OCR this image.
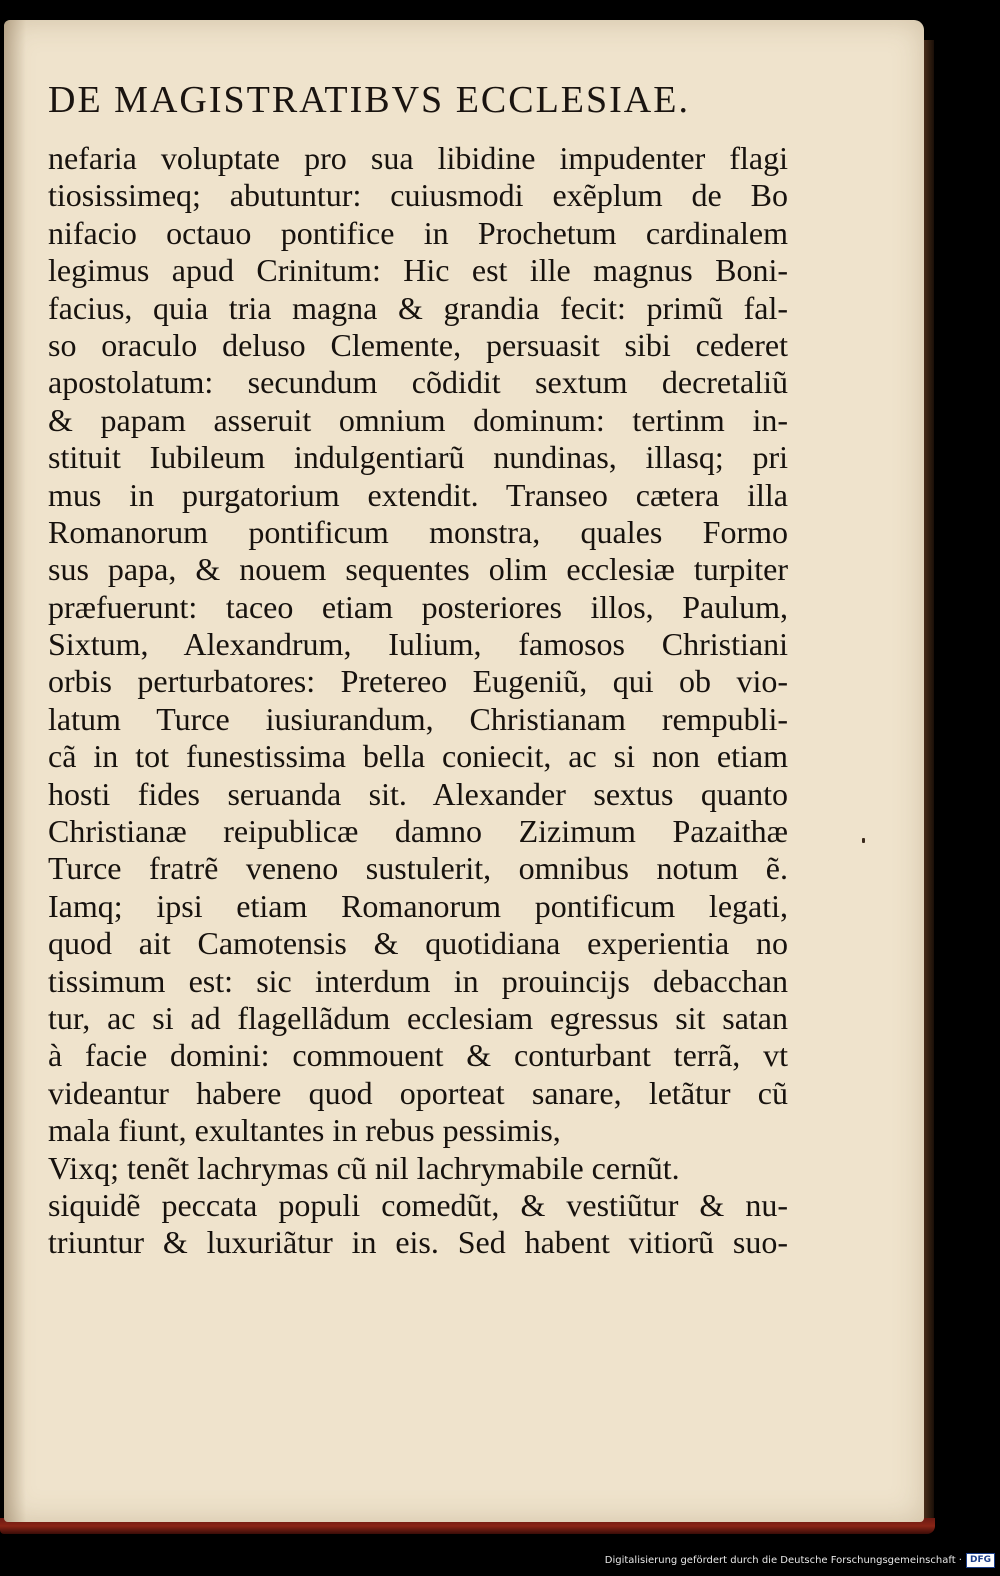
DE MAGISTRATIBVS ECCLESIAE.
nefaria voluptate pro sua libidine impudenter flagi
tiosissimeq; abutuntur: cuiusmodi exẽplum de Bo
nifacio octauo pontifice in Prochetum cardinalem
legimus apud Crinitum: Hic est ille magnus Boni-
facius, quia tria magna & grandia fecit: primũ fal-
so oraculo deluso Clemente, persuasit sibi cederet
apostolatum: secundum cõdidit sextum decretaliũ
& papam asseruit omnium dominum: tertinm in-
stituit Iubileum indulgentiarũ nundinas, illasq; pri
mus in purgatorium extendit. Transeo cætera illa
Romanorum pontificum monstra, quales Formo
sus papa, & nouem sequentes olim ecclesiæ turpiter
præfuerunt: taceo etiam posteriores illos, Paulum,
Sixtum, Alexandrum, Iulium, famosos Christiani
orbis perturbatores: Pretereo Eugeniũ, qui ob vio-
latum Turce iusiurandum, Christianam rempubli-
cã in tot funestissima bella coniecit, ac si non etiam
hosti fides seruanda sit. Alexander sextus quanto
Christianæ reipublicæ damno Zizimum Pazaithæ
Turce fratrẽ veneno sustulerit, omnibus notum ẽ.
Iamq; ipsi etiam Romanorum pontificum legati,
quod ait Camotensis & quotidiana experientia no
tissimum est: sic interdum in prouincijs debacchan
tur, ac si ad flagellãdum ecclesiam egressus sit satan
à facie domini: commouent & conturbant terrã, vt
videantur habere quod oporteat sanare, letãtur cũ
mala fiunt, exultantes in rebus pessimis,
Vixq; tenẽt lachrymas cũ nil lachrymabile cernũt.
siquidẽ peccata populi comedũt, & vestiũtur & nu-
triuntur & luxuriãtur in eis. Sed habent vitiorũ suo-
Digitalisierung gefördert durch die Deutsche Forschungsgemeinschaft · DFG
